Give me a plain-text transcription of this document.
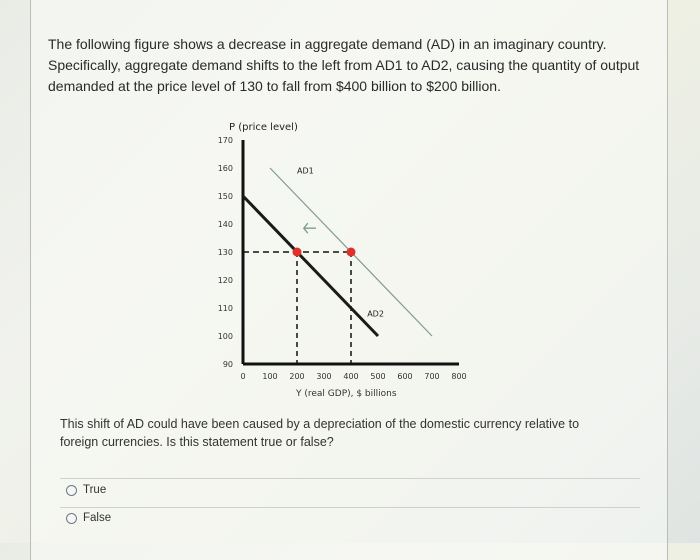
The following figure shows a decrease in aggregate demand (AD) in an imaginary country.
Specifically, aggregate demand shifts to the left from AD1 to AD2, causing the quantity of output
demanded at the price level of 130 to fall from $400 billion to $200 billion.
P (price level)
Y (real GDP), $ billions
90
100
110
120
130
140
150
160
170
0 100 200 300 400 500 600 700 800
AD1
AD2
This shift of AD could have been caused by a depreciation of the domestic currency relative to foreign currencies. Is this statement true or false?
True
False
